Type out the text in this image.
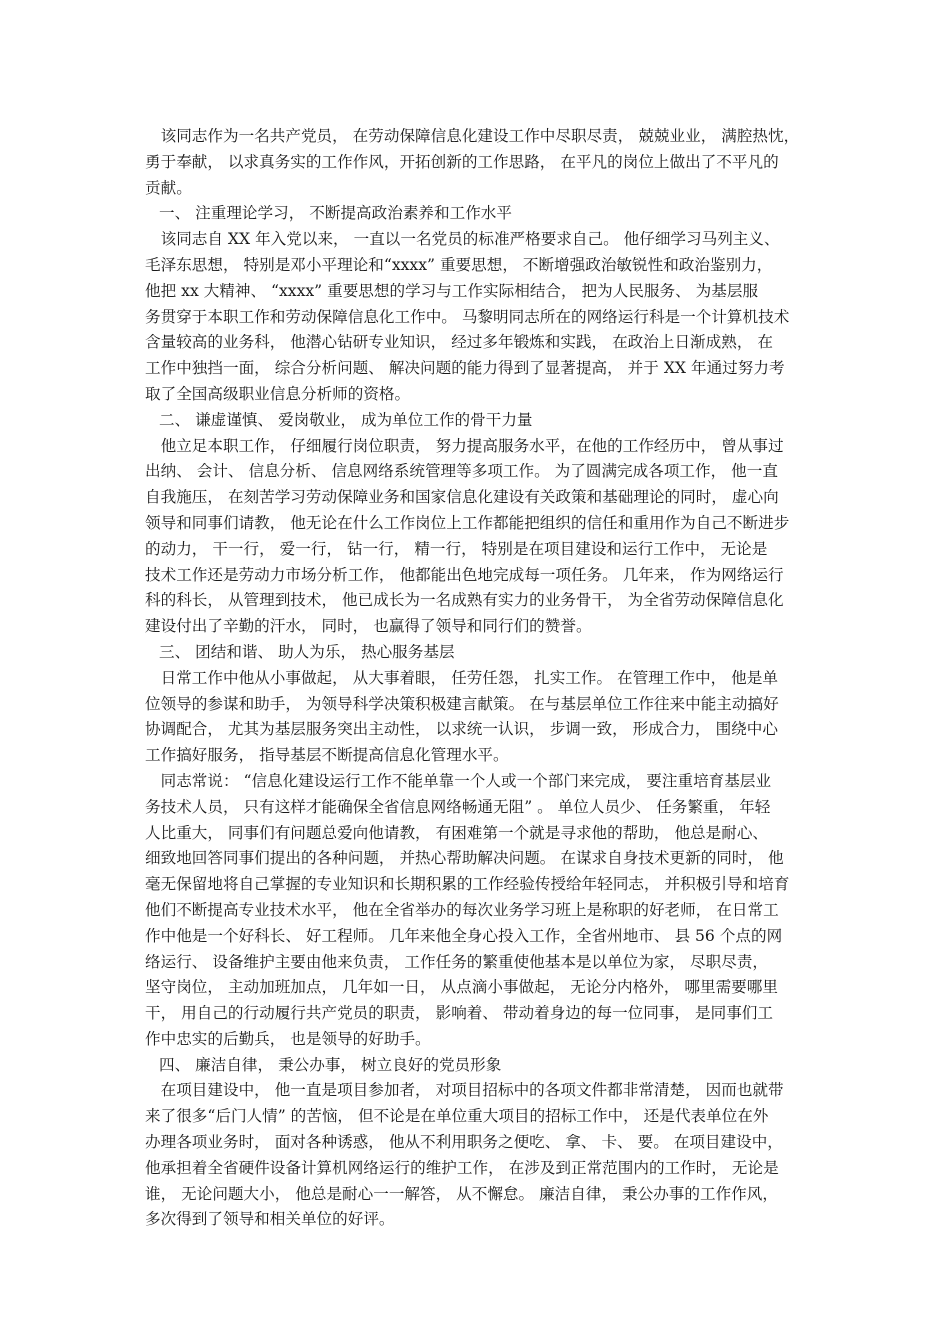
　该同志作为一名共产党员， 在劳动保障信息化建设工作中尽职尽责， 兢兢业业， 满腔热忱，
勇于奉献， 以求真务实的工作作风，开拓创新的工作思路， 在平凡的岗位上做出了不平凡的
贡献。
一、 注重理论学习， 不断提高政治素养和工作水平
　该同志自 XX 年入党以来， 一直以一名党员的标准严格要求自己。 他仔细学习马列主义、
毛泽东思想， 特别是邓小平理论和“xxxx” 重要思想， 不断增强政治敏锐性和政治鉴别力，
他把 xx 大精神、 “xxxx” 重要思想的学习与工作实际相结合， 把为人民服务、 为基层服
务贯穿于本职工作和劳动保障信息化工作中。 马黎明同志所在的网络运行科是一个计算机技术
含量较高的业务科， 他潜心钻研专业知识， 经过多年锻炼和实践， 在政治上日渐成熟， 在
工作中独挡一面， 综合分析问题、 解决问题的能力得到了显著提高， 并于 XX 年通过努力考
取了全国高级职业信息分析师的资格。
二、 谦虚谨慎、 爱岗敬业， 成为单位工作的骨干力量
　他立足本职工作， 仔细履行岗位职责， 努力提高服务水平，在他的工作经历中， 曾从事过
出纳、 会计、 信息分析、 信息网络系统管理等多项工作。 为了圆满完成各项工作， 他一直
自我施压， 在刻苦学习劳动保障业务和国家信息化建设有关政策和基础理论的同时， 虚心向
领导和同事们请教， 他无论在什么工作岗位上工作都能把组织的信任和重用作为自己不断进步
的动力， 干一行， 爱一行， 钻一行， 精一行， 特别是在项目建设和运行工作中， 无论是
技术工作还是劳动力市场分析工作， 他都能出色地完成每一项任务。 几年来， 作为网络运行
科的科长， 从管理到技术， 他已成长为一名成熟有实力的业务骨干， 为全省劳动保障信息化
建设付出了辛勤的汗水， 同时， 也赢得了领导和同行们的赞誉。
三、 团结和谐、 助人为乐， 热心服务基层
　日常工作中他从小事做起， 从大事着眼， 任劳任怨， 扎实工作。 在管理工作中， 他是单
位领导的参谋和助手， 为领导科学决策积极建言献策。 在与基层单位工作往来中能主动搞好
协调配合， 尤其为基层服务突出主动性， 以求统一认识， 步调一致， 形成合力， 围绕中心
工作搞好服务， 指导基层不断提高信息化管理水平。
　同志常说： “信息化建设运行工作不能单靠一个人或一个部门来完成， 要注重培育基层业
务技术人员， 只有这样才能确保全省信息网络畅通无阻” 。 单位人员少、 任务繁重， 年轻
人比重大， 同事们有问题总爱向他请教， 有困难第一个就是寻求他的帮助， 他总是耐心、
细致地回答同事们提出的各种问题， 并热心帮助解决问题。 在谋求自身技术更新的同时， 他
毫无保留地将自己掌握的专业知识和长期积累的工作经验传授给年轻同志， 并积极引导和培育
他们不断提高专业技术水平， 他在全省举办的每次业务学习班上是称职的好老师， 在日常工
作中他是一个好科长、 好工程师。 几年来他全身心投入工作，全省州地市、 县 56 个点的网
络运行、 设备维护主要由他来负责， 工作任务的繁重使他基本是以单位为家， 尽职尽责，
坚守岗位， 主动加班加点， 几年如一日， 从点滴小事做起， 无论分内格外， 哪里需要哪里
干， 用自己的行动履行共产党员的职责， 影响着、 带动着身边的每一位同事， 是同事们工
作中忠实的后勤兵， 也是领导的好助手。
四、 廉洁自律， 秉公办事， 树立良好的党员形象
　在项目建设中， 他一直是项目参加者， 对项目招标中的各项文件都非常清楚， 因而也就带
来了很多“后门人情” 的苦恼， 但不论是在单位重大项目的招标工作中， 还是代表单位在外
办理各项业务时， 面对各种诱惑， 他从不利用职务之便吃、 拿、 卡、 要。 在项目建设中，
他承担着全省硬件设备计算机网络运行的维护工作， 在涉及到正常范围内的工作时， 无论是
谁， 无论问题大小， 他总是耐心一一解答， 从不懈怠。 廉洁自律， 秉公办事的工作作风，
多次得到了领导和相关单位的好评。
